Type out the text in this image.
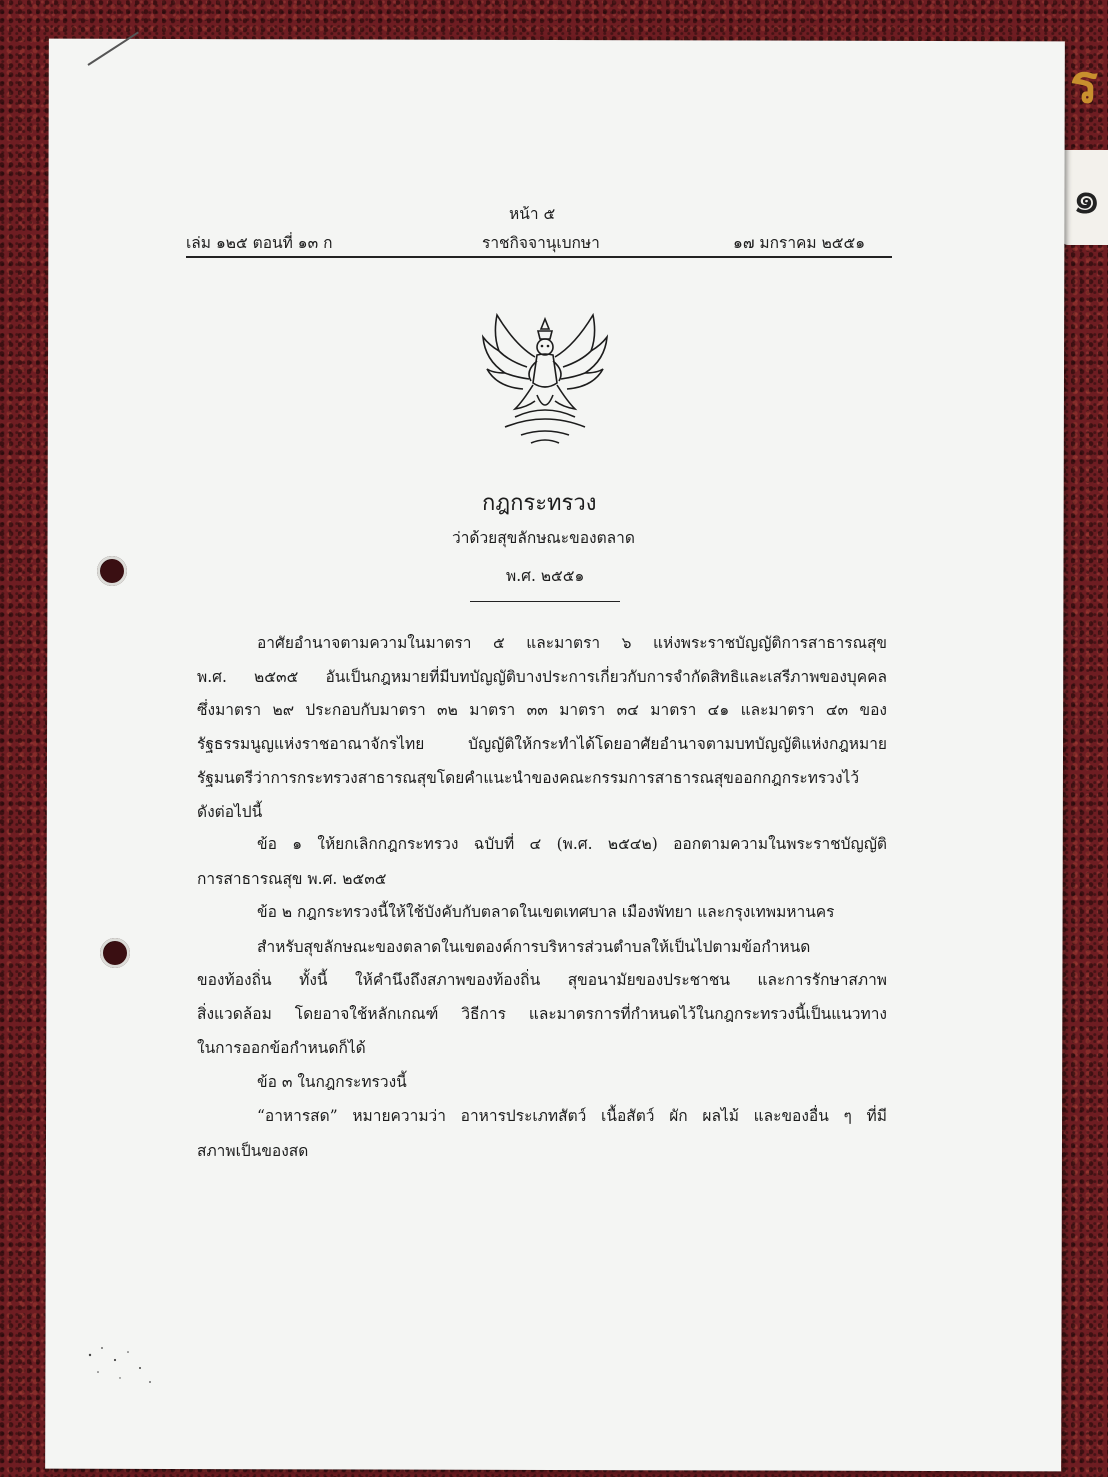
ร
๑
หน้า ๕
เล่ม ๑๒๕ ตอนที่ ๑๓ ก	ราชกิจจานุเบกษา	๑๗ มกราคม ๒๕๕๑
กฎกระทรวง
ว่าด้วยสุขลักษณะของตลาด
พ.ศ. ๒๕๕๑
อาศัยอำนาจตามความในมาตรา ๕ และมาตรา ๖ แห่งพระราชบัญญัติการสาธารณสุข
พ.ศ. ๒๕๓๕ อันเป็นกฎหมายที่มีบทบัญญัติบางประการเกี่ยวกับการจำกัดสิทธิและเสรีภาพของบุคคล
ซึ่งมาตรา ๒๙ ประกอบกับมาตรา ๓๒ มาตรา ๓๓ มาตรา ๓๔ มาตรา ๔๑ และมาตรา ๔๓ ของ
รัฐธรรมนูญแห่งราชอาณาจักรไทย บัญญัติให้กระทำได้โดยอาศัยอำนาจตามบทบัญญัติแห่งกฎหมาย
รัฐมนตรีว่าการกระทรวงสาธารณสุขโดยคำแนะนำของคณะกรรมการสาธารณสุขออกกฎกระทรวงไว้
ดังต่อไปนี้
ข้อ ๑ ให้ยกเลิกกฎกระทรวง ฉบับที่ ๔ (พ.ศ. ๒๕๔๒) ออกตามความในพระราชบัญญัติ
การสาธารณสุข พ.ศ. ๒๕๓๕
ข้อ ๒ กฎกระทรวงนี้ให้ใช้บังคับกับตลาดในเขตเทศบาล เมืองพัทยา และกรุงเทพมหานคร
สำหรับสุขลักษณะของตลาดในเขตองค์การบริหารส่วนตำบลให้เป็นไปตามข้อกำหนด
ของท้องถิ่น ทั้งนี้ ให้คำนึงถึงสภาพของท้องถิ่น สุขอนามัยของประชาชน และการรักษาสภาพ
สิ่งแวดล้อม โดยอาจใช้หลักเกณฑ์ วิธีการ และมาตรการที่กำหนดไว้ในกฎกระทรวงนี้เป็นแนวทาง
ในการออกข้อกำหนดก็ได้
ข้อ ๓ ในกฎกระทรวงนี้
“อาหารสด” หมายความว่า อาหารประเภทสัตว์ เนื้อสัตว์ ผัก ผลไม้ และของอื่น ๆ ที่มี
สภาพเป็นของสด
